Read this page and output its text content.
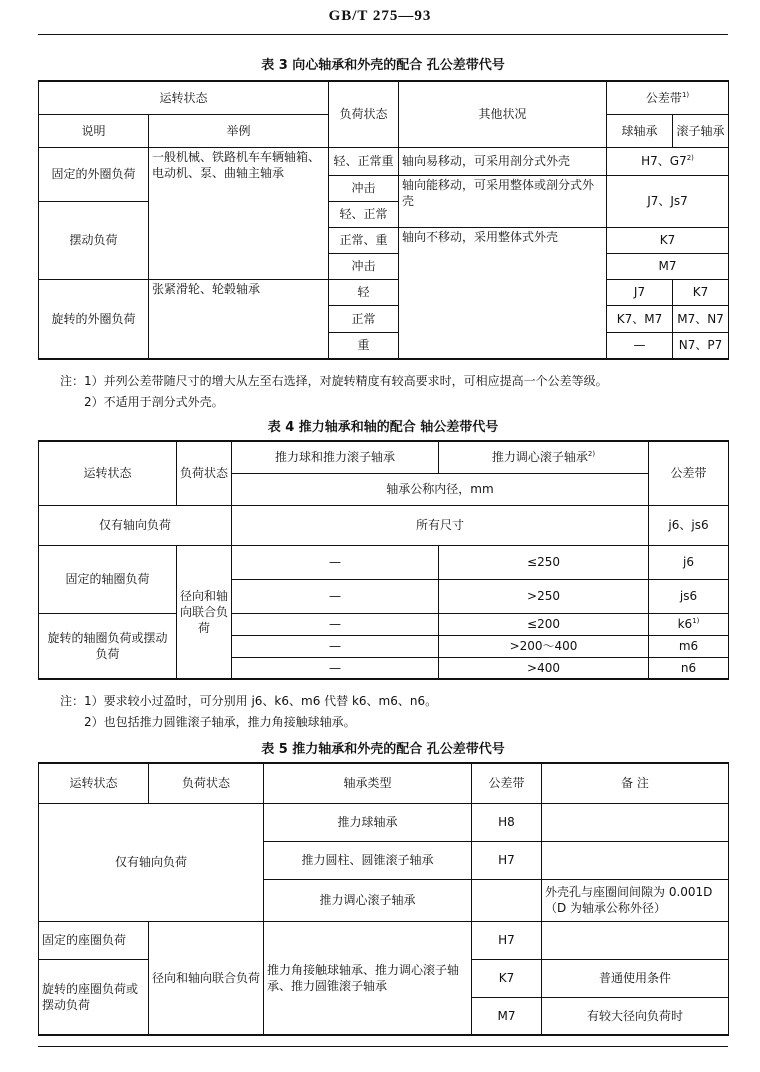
GB/T 275—93
表 3 向心轴承和外壳的配合 孔公差带代号
运转状态		负荷状态	其他状况	公差带$^{1)}$
说明	举例			球轴承	滚子轴承
固定的外圈负荷	一般机械、铁路机车车辆轴箱、电动机、泵、曲轴主轴承	轻、正常重	轴向易移动，可采用剖分式外壳	H7、G7$^{2)}$
		冲击	轴向能移动，可采用整体或剖分式外壳	J7、Js7	
摆动负荷		轻、正常			
		正常、重	轴向不移动，采用整体式外壳	K7	
		冲击		M7	
旋转的外圈负荷	张紧滑轮、轮毂轴承	轻		J7	K7
		正常		K7、M7	M7、N7
		重		—	N7、P7
注：1）并列公差带随尺寸的增大从左至右选择，对旋转精度有较高要求时，可相应提高一个公差等级。
2）不适用于剖分式外壳。
表 4 推力轴承和轴的配合 轴公差带代号
运转状态	负荷状态	推力球和推力滚子轴承	推力调心滚子轴承$^{2)}$	公差带
		轴承公称内径，mm		
仅有轴向负荷		所有尺寸		j6、js6
固定的轴圈负荷	径向和轴向联合负荷	—	≤250	j6
		—	>250	js6
旋转的轴圈负荷或摆动负荷		—	≤200	k6$^{1)}$
		—	>200～400	m6
		—	>400	n6
注：1）要求较小过盈时，可分别用 j6、k6、m6 代替 k6、m6、n6。
2）也包括推力圆锥滚子轴承，推力角接触球轴承。
表 5 推力轴承和外壳的配合 孔公差带代号
运转状态	负荷状态	轴承类型	公差带	备 注
仅有轴向负荷		推力球轴承	H8	
		推力圆柱、圆锥滚子轴承	H7	
		推力调心滚子轴承		外壳孔与座圈间间隙为 0.001D（D 为轴承公称外径）
固定的座圈负荷	径向和轴向联合负荷	推力角接触球轴承、推力调心滚子轴承、推力圆锥滚子轴承	H7	
旋转的座圈负荷或摆动负荷			K7	普通使用条件
			M7	有较大径向负荷时
